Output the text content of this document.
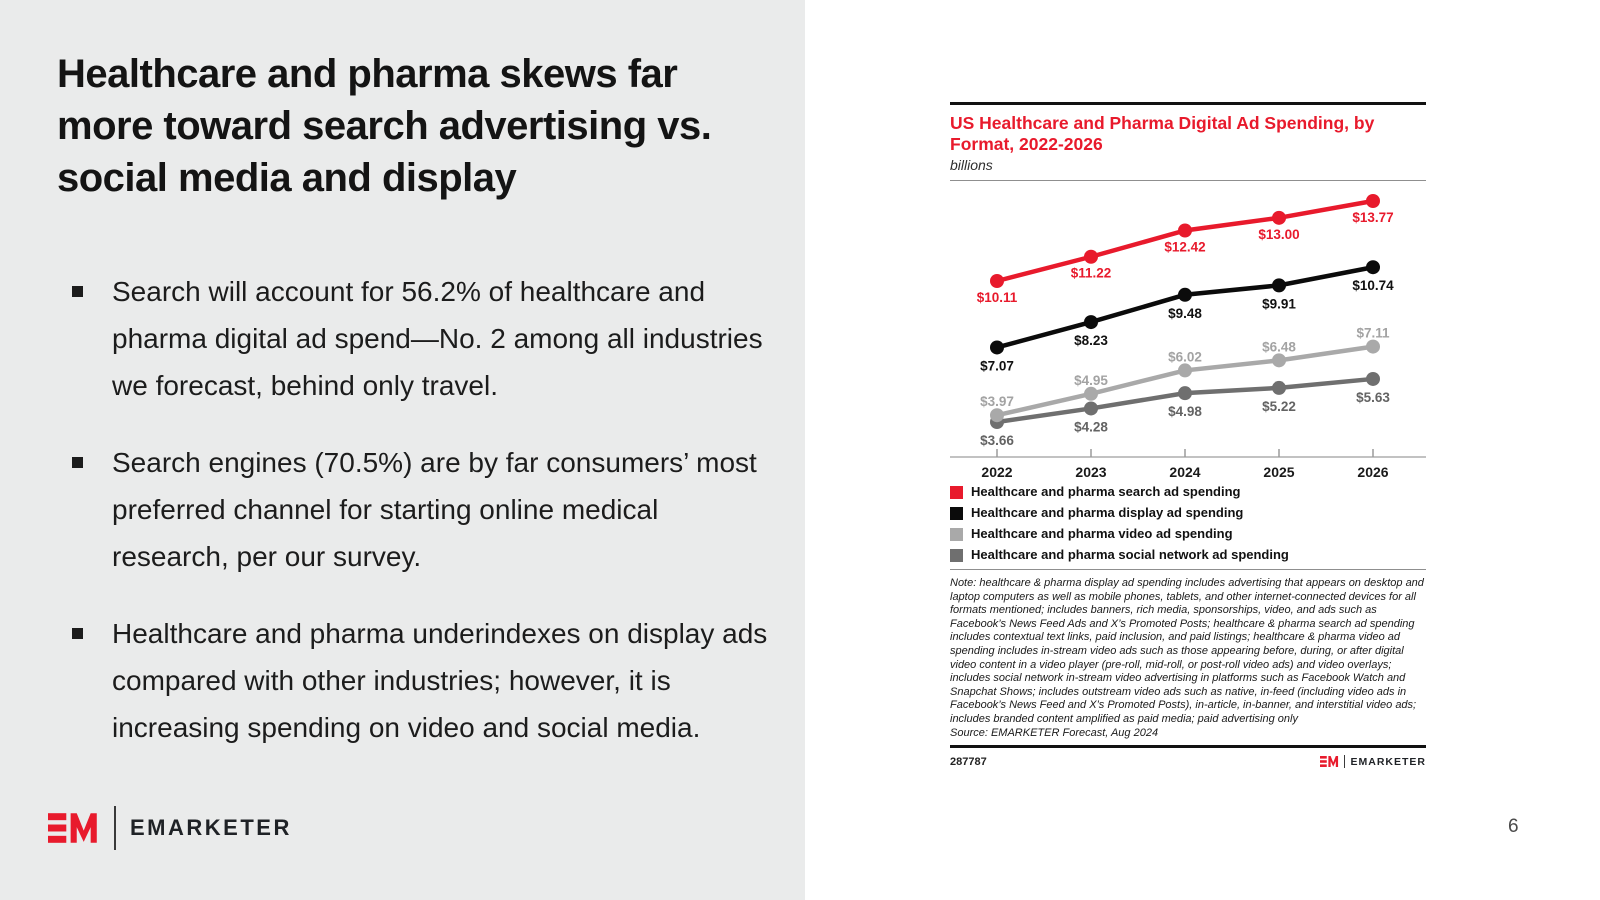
Healthcare and pharma skews far more toward search advertising vs. social media and display
Search will account for 56.2% of healthcare and pharma digital ad spend—No. 2 among all industries we forecast, behind only travel.
Search engines (70.5%) are by far consumers’ most preferred channel for starting online medical research, per our survey.
Healthcare and pharma underindexes on display ads compared with other industries; however, it is increasing spending on video and social media.
EMARKETER
US Healthcare and Pharma Digital Ad Spending, by Format, 2022-2026
billions
2022	2023	2024	2025	2026
$3.66
$4.28
$4.98	$5.22
$5.63
$3.97
$4.95
$6.02
$6.48
$7.11
$7.07
$8.23
$9.48
$9.91
$10.74
$10.11
$11.22
$12.42
$13.00
$13.77
Healthcare and pharma search ad spending
Healthcare and pharma display ad spending
Healthcare and pharma video ad spending
Healthcare and pharma social network ad spending

Note: healthcare & pharma display ad spending includes advertising that appears on desktop and laptop computers as well as mobile phones, tablets, and other internet-connected devices for all formats mentioned; includes banners, rich media, sponsorships, video, and ads such as Facebook’s News Feed Ads and X’s Promoted Posts; healthcare & pharma search ad spending includes contextual text links, paid inclusion, and paid listings; healthcare & pharma video ad spending includes in-stream video ads such as those appearing before, during, or after digital video content in a video player (pre-roll, mid-roll, or post-roll video ads) and video overlays; includes social network in-stream video advertising in platforms such as Facebook Watch and Snapchat Shows; includes outstream video ads such as native, in-feed (including video ads in Facebook’s News Feed and X’s Promoted Posts), in-article, in-banner, and interstitial video ads; includes branded content amplified as paid media; paid advertising only
Source: EMARKETER Forecast, Aug 2024

287787	EMARKETER
6
